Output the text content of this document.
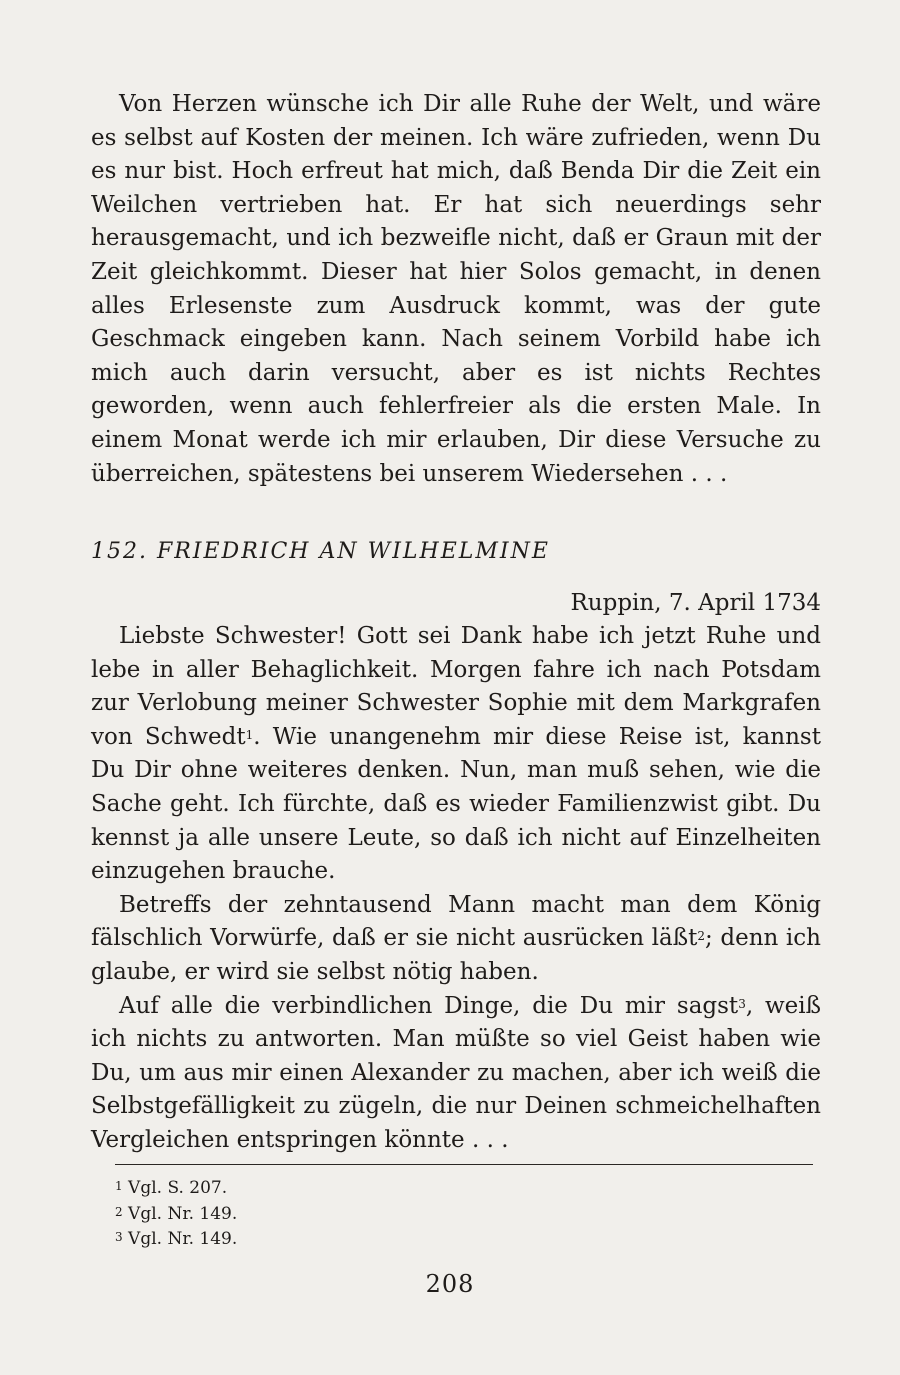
Von Herzen wünsche ich Dir alle Ruhe der Welt, und wäre es selbst auf Kosten der meinen. Ich wäre zufrieden, wenn Du es nur bist. Hoch erfreut hat mich, daß Benda Dir die Zeit ein Weilchen vertrieben hat. Er hat sich neuerdings sehr herausgemacht, und ich bezweifle nicht, daß er Graun mit der Zeit gleichkommt. Dieser hat hier Solos gemacht, in denen alles Erlesenste zum Ausdruck kommt, was der gute Geschmack eingeben kann. Nach seinem Vorbild habe ich mich auch darin versucht, aber es ist nichts Rechtes geworden, wenn auch fehlerfreier als die ersten Male. In einem Monat werde ich mir erlauben, Dir diese Versuche zu überreichen, spätestens bei unserem Wiedersehen . . .

152. FRIEDRICH AN WILHELMINE
Ruppin, 7. April 1734

Liebste Schwester! Gott sei Dank habe ich jetzt Ruhe und lebe in aller Behaglichkeit. Morgen fahre ich nach Potsdam zur Verlobung meiner Schwester Sophie mit dem Markgrafen von Schwedt$^1$. Wie unangenehm mir diese Reise ist, kannst Du Dir ohne weiteres denken. Nun, man muß sehen, wie die Sache geht. Ich fürchte, daß es wieder Familienzwist gibt. Du kennst ja alle unsere Leute, so daß ich nicht auf Einzelheiten einzugehen brauche.

Betreffs der zehntausend Mann macht man dem König fälschlich Vorwürfe, daß er sie nicht ausrücken läßt$^2$; denn ich glaube, er wird sie selbst nötig haben.

Auf alle die verbindlichen Dinge, die Du mir sagst$^3$, weiß ich nichts zu antworten. Man müßte so viel Geist haben wie Du, um aus mir einen Alexander zu machen, aber ich weiß die Selbstgefälligkeit zu zügeln, die nur Deinen schmeichelhaften Vergleichen entspringen könnte . . .

$^1$ Vgl. S. 207.
$^2$ Vgl. Nr. 149.
$^3$ Vgl. Nr. 149.
208
